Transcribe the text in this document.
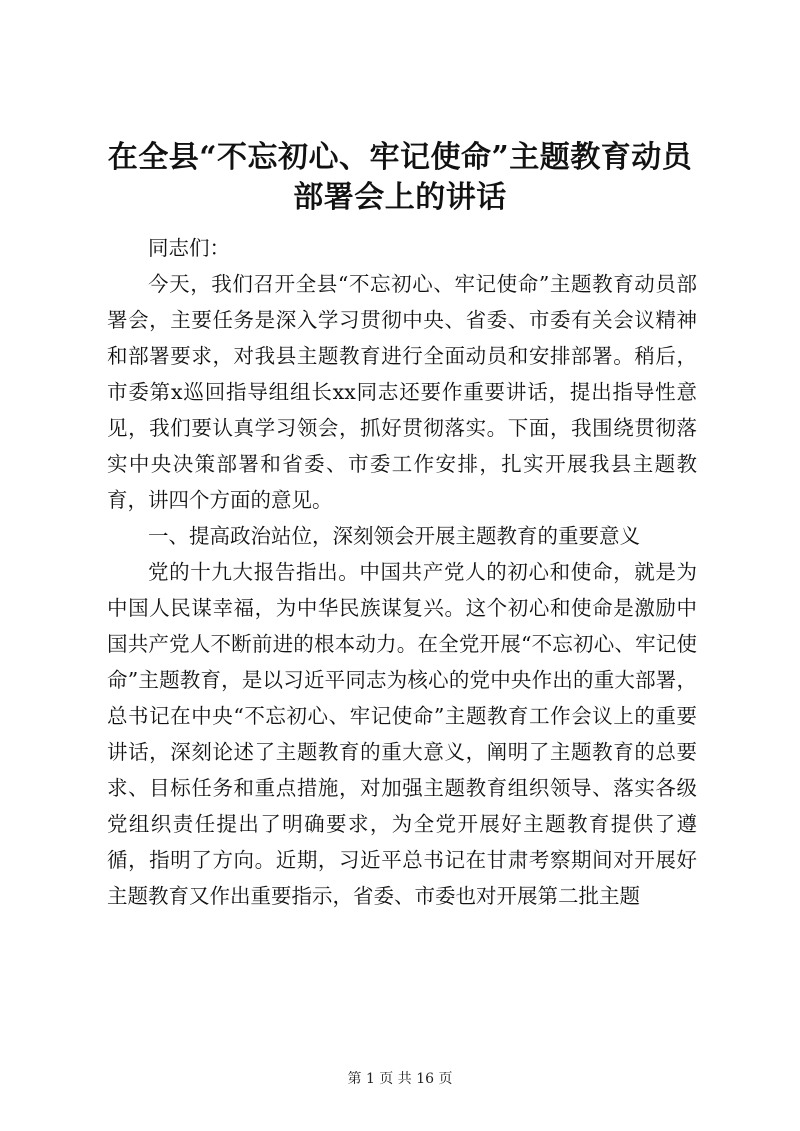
在全县“不忘初心、牢记使命”主题教育动员部署会上的讲话

同志们：

今天，我们召开全县“不忘初心、牢记使命”主题教育动员部署会，主要任务是深入学习贯彻中央、省委、市委有关会议精神和部署要求，对我县主题教育进行全面动员和安排部署。稍后，市委第x巡回指导组组长xx同志还要作重要讲话，提出指导性意见，我们要认真学习领会，抓好贯彻落实。下面，我围绕贯彻落实中央决策部署和省委、市委工作安排，扎实开展我县主题教育，讲四个方面的意见。

一、提高政治站位，深刻领会开展主题教育的重要意义

党的十九大报告指出。中国共产党人的初心和使命，就是为中国人民谋幸福，为中华民族谋复兴。这个初心和使命是激励中国共产党人不断前进的根本动力。在全党开展“不忘初心、牢记使命”主题教育，是以习近平同志为核心的党中央作出的重大部署，总书记在中央“不忘初心、牢记使命”主题教育工作会议上的重要讲话，深刻论述了主题教育的重大意义，阐明了主题教育的总要求、目标任务和重点措施，对加强主题教育组织领导、落实各级党组织责任提出了明确要求，为全党开展好主题教育提供了遵循，指明了方向。近期，习近平总书记在甘肃考察期间对开展好主题教育又作出重要指示，省委、市委也对开展第二批主题

第 1 页 共 16 页
